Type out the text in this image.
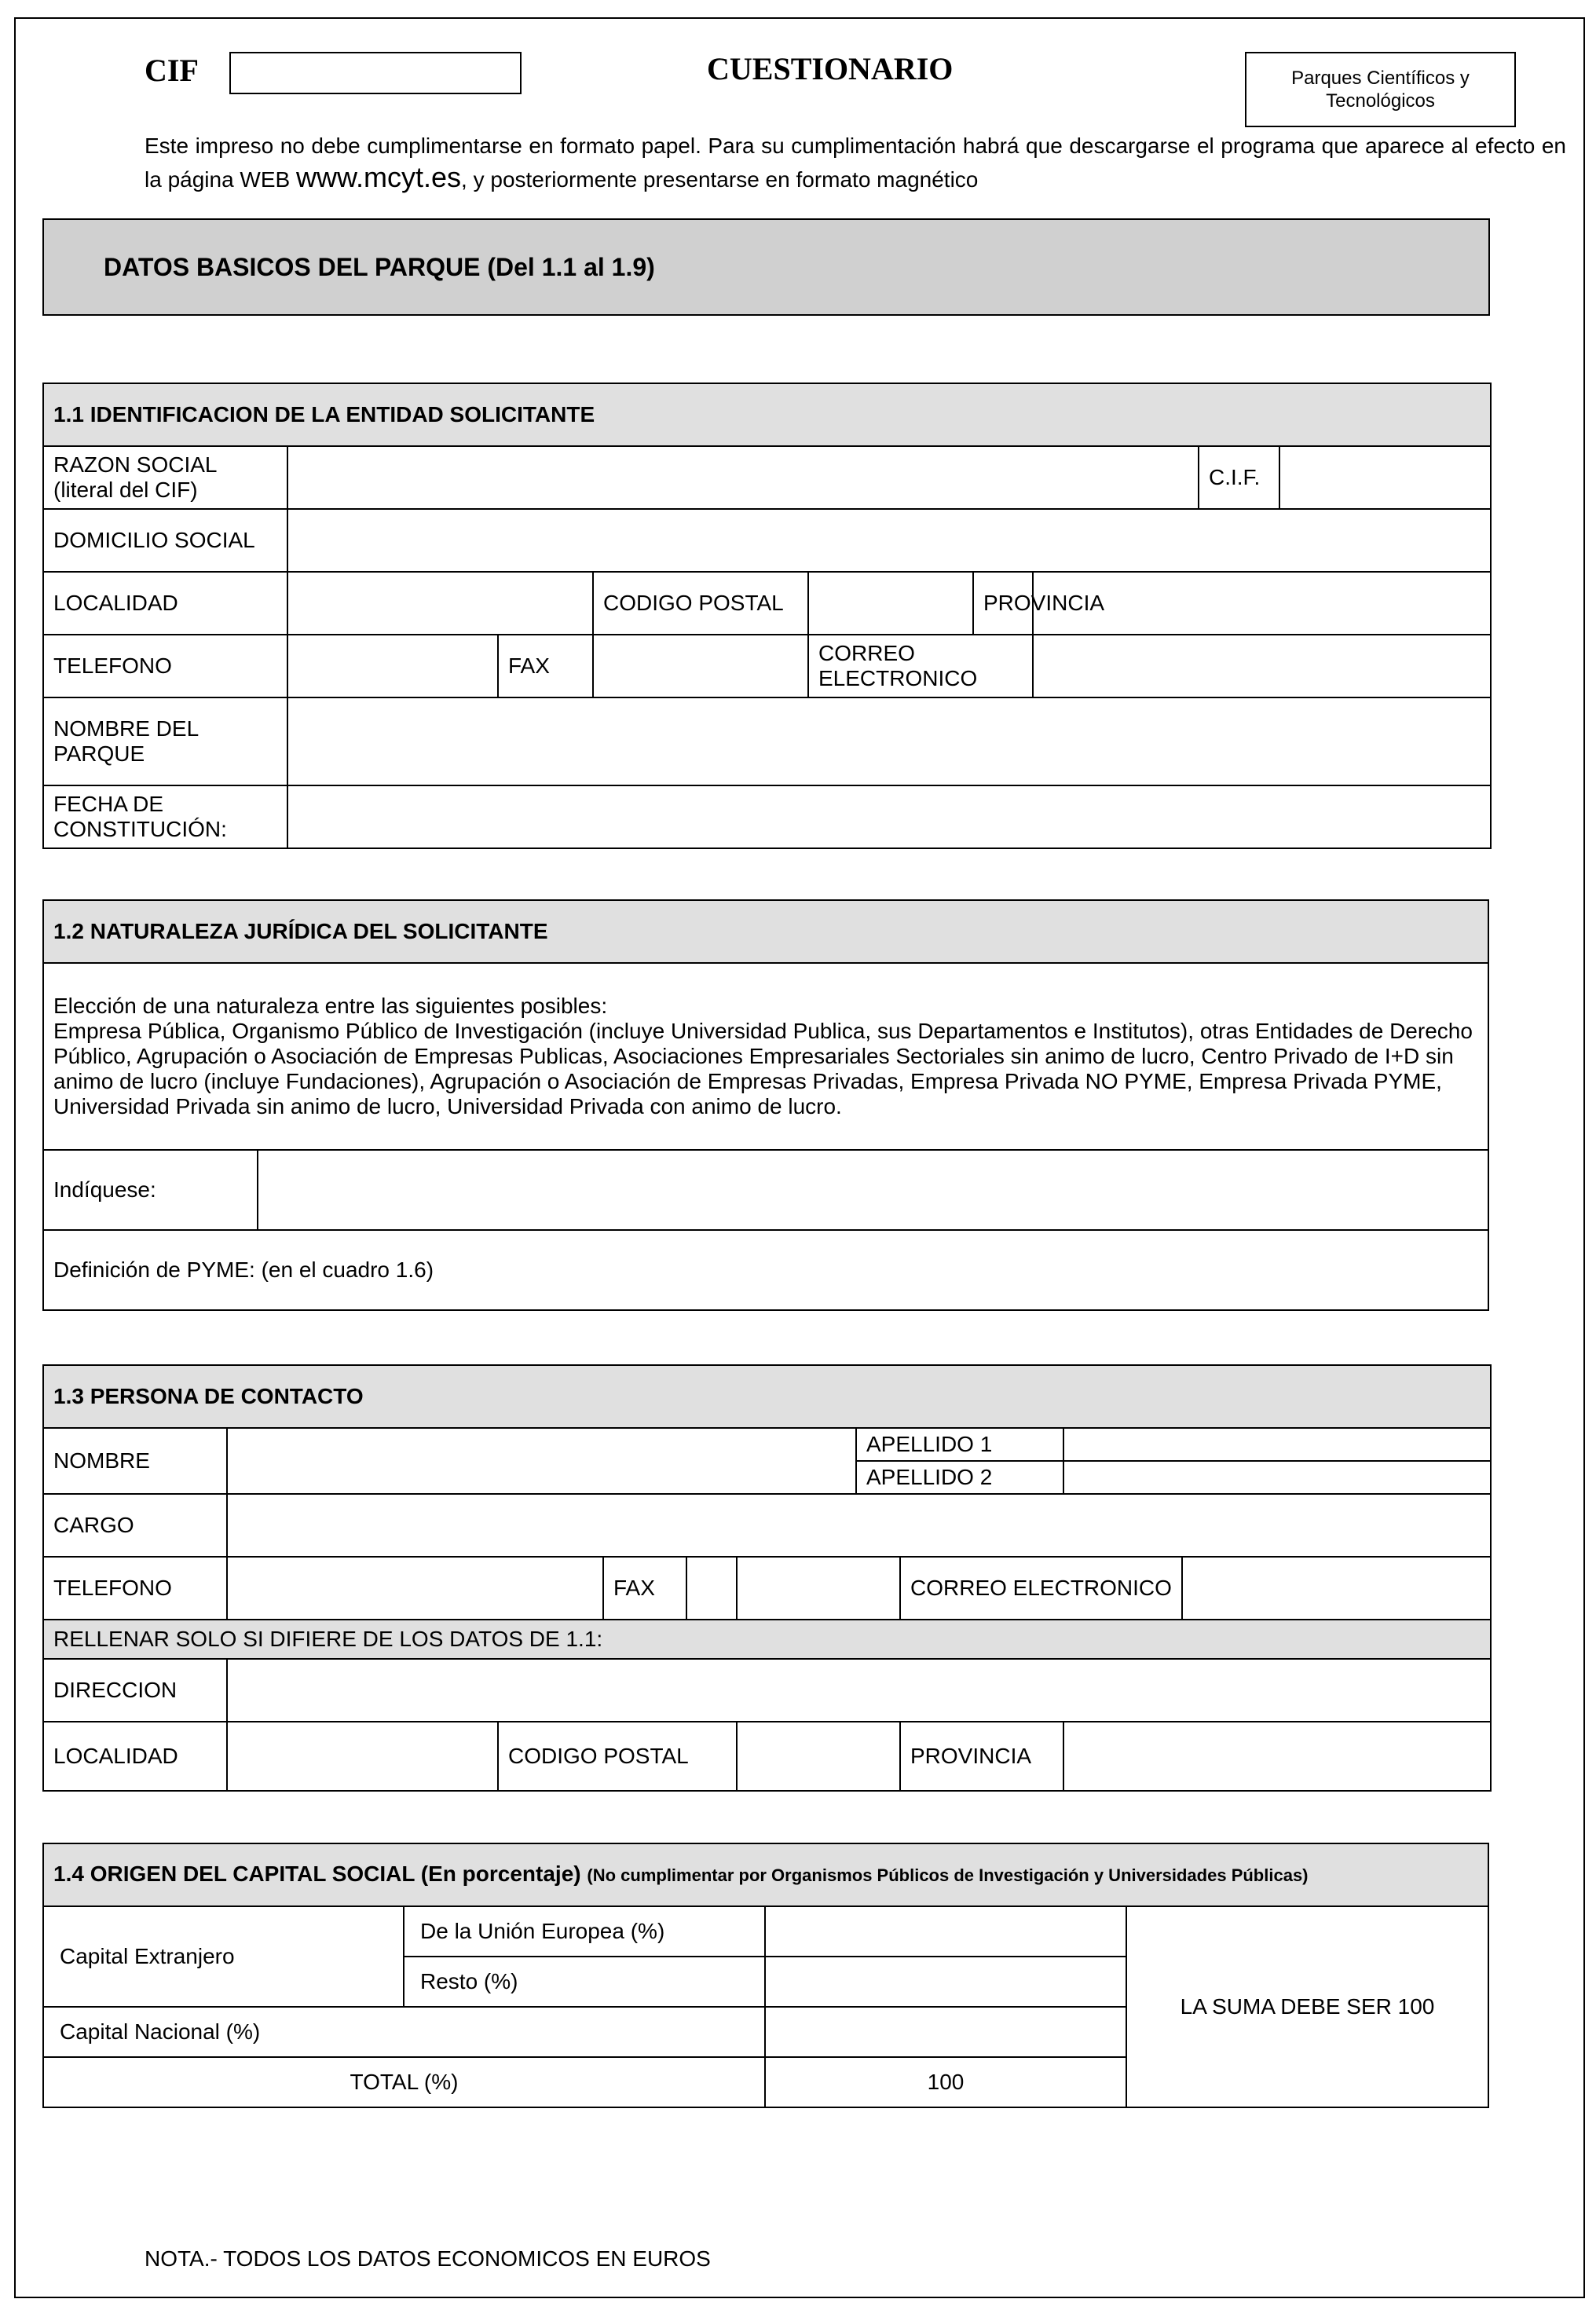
CIF	CUESTIONARIO	Parques Científicos y Tecnológicos
Este impreso no debe cumplimentarse en formato papel. Para su cumplimentación habrá que descargarse el programa que aparece al efecto en la página WEB www.mcyt.es, y posteriormente presentarse en formato magnético
DATOS BASICOS DEL PARQUE (Del 1.1 al 1.9)
1.1 IDENTIFICACION DE LA ENTIDAD SOLICITANTE							
RAZON SOCIAL (literal del CIF)						C.I.F.	
DOMICILIO SOCIAL							
LOCALIDAD			CODIGO POSTAL	PROVINCIA			

TELEFONO		FAX		CORREO ELECTRONICO			
NOMBRE DEL PARQUE							
FECHA DE CONSTITUCIÓN:							
1.2 NATURALEZA JURÍDICA DEL SOLICITANTE

Elección de una naturaleza entre las siguientes posibles:
Empresa Pública, Organismo Público de Investigación (incluye Universidad Publica, sus Departamentos e Institutos), otras Entidades de Derecho Público, Agrupación o Asociación de Empresas Publicas, Asociaciones Empresariales Sectoriales sin animo de lucro, Centro Privado de I+D sin animo de lucro (incluye Fundaciones), Agrupación o Asociación de Empresas Privadas, Empresa Privada NO PYME, Empresa Privada PYME, Universidad Privada sin animo de lucro, Universidad Privada con animo de lucro.

Indíquese:	
Definición de PYME: (en el cuadro 1.6)
1.3 PERSONA DE CONTACTO								
NOMBRE					APELLIDO 1			
					APELLIDO 2			
CARGO								
TELEFONO			FAX			CORREO ELECTRONICO		
RELLENAR SOLO SI DIFIERE DE LOS DATOS DE 1.1:								
DIRECCION								
LOCALIDAD		CODIGO POSTAL				PROVINCIA		
1.4 ORIGEN DEL CAPITAL SOCIAL (En porcentaje) (No cumplimentar por Organismos Públicos de Investigación y Universidades Públicas)			
Capital Extranjero	De la Unión Europea (%)		LA SUMA DEBE SER 100
	Resto (%)		
Capital Nacional (%)			
TOTAL (%)		100	
NOTA.- TODOS LOS DATOS ECONOMICOS EN EUROS
